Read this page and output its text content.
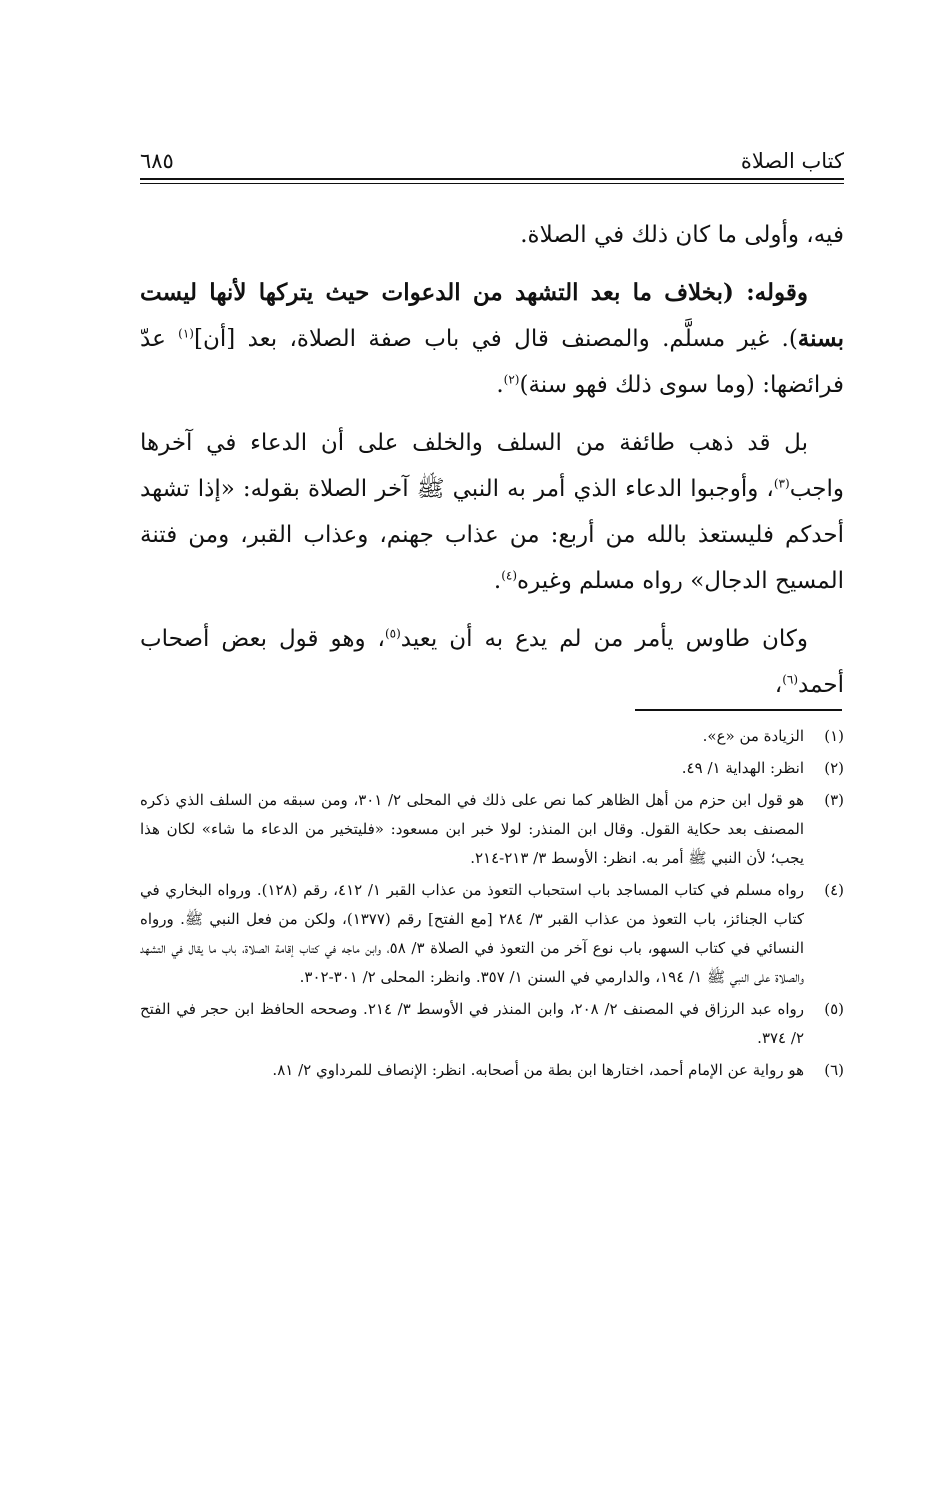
كتاب الصلاة
٦٨٥

فيه، وأولى ما كان ذلك في الصلاة.

وقوله: (بخلاف ما بعد التشهد من الدعوات حيث يتركها لأنها ليست بسنة). غير مسلَّم. والمصنف قال في باب صفة الصلاة، بعد [أن]$^{(١)}$ عدّ فرائضها: (وما سوى ذلك فهو سنة)$^{(٢)}$.

بل قد ذهب طائفة من السلف والخلف على أن الدعاء في آخرها واجب$^{(٣)}$، وأوجبوا الدعاء الذي أمر به النبي ﷺ آخر الصلاة بقوله: «إذا تشهد أحدكم فليستعذ بالله من أربع: من عذاب جهنم، وعذاب القبر، ومن فتنة المسيح الدجال» رواه مسلم وغيره$^{(٤)}$.

وكان طاوس يأمر من لم يدع به أن يعيد$^{(٥)}$، وهو قول بعض أصحاب أحمد$^{(٦)}$،

(١)
الزيادة من «ع».
(٢)
انظر: الهداية ١/ ٤٩.
(٣)
هو قول ابن حزم من أهل الظاهر كما نص على ذلك في المحلى ٢/ ٣٠١، ومن سبقه من السلف الذي ذكره المصنف بعد حكاية القول. وقال ابن المنذر: لولا خبر ابن مسعود: «فليتخير من الدعاء ما شاء» لكان هذا يجب؛ لأن النبي ﷺ أمر به. انظر: الأوسط ٣/ ٢١٣-٢١٤.
(٤)
رواه مسلم في كتاب المساجد باب استحباب التعوذ من عذاب القبر ١/ ٤١٢، رقم (١٢٨). ورواه البخاري في كتاب الجنائز، باب التعوذ من عذاب القبر ٣/ ٢٨٤ [مع الفتح] رقم (١٣٧٧)، ولكن من فعل النبي ﷺ. ورواه النسائي في كتاب السهو، باب نوع آخر من التعوذ في الصلاة ٣/ ٥٨، وابن ماجه في كتاب إقامة الصلاة، باب ما يقال في التشهد والصلاة على النبي ﷺ ١/ ١٩٤، والدارمي في السنن ١/ ٣٥٧. وانظر: المحلى ٢/ ٣٠١-٣٠٢.
(٥)
رواه عبد الرزاق في المصنف ٢/ ٢٠٨، وابن المنذر في الأوسط ٣/ ٢١٤. وصححه الحافظ ابن حجر في الفتح ٢/ ٣٧٤.
(٦)
هو رواية عن الإمام أحمد، اختارها ابن بطة من أصحابه. انظر: الإنصاف للمرداوي ٢/ ٨١.
